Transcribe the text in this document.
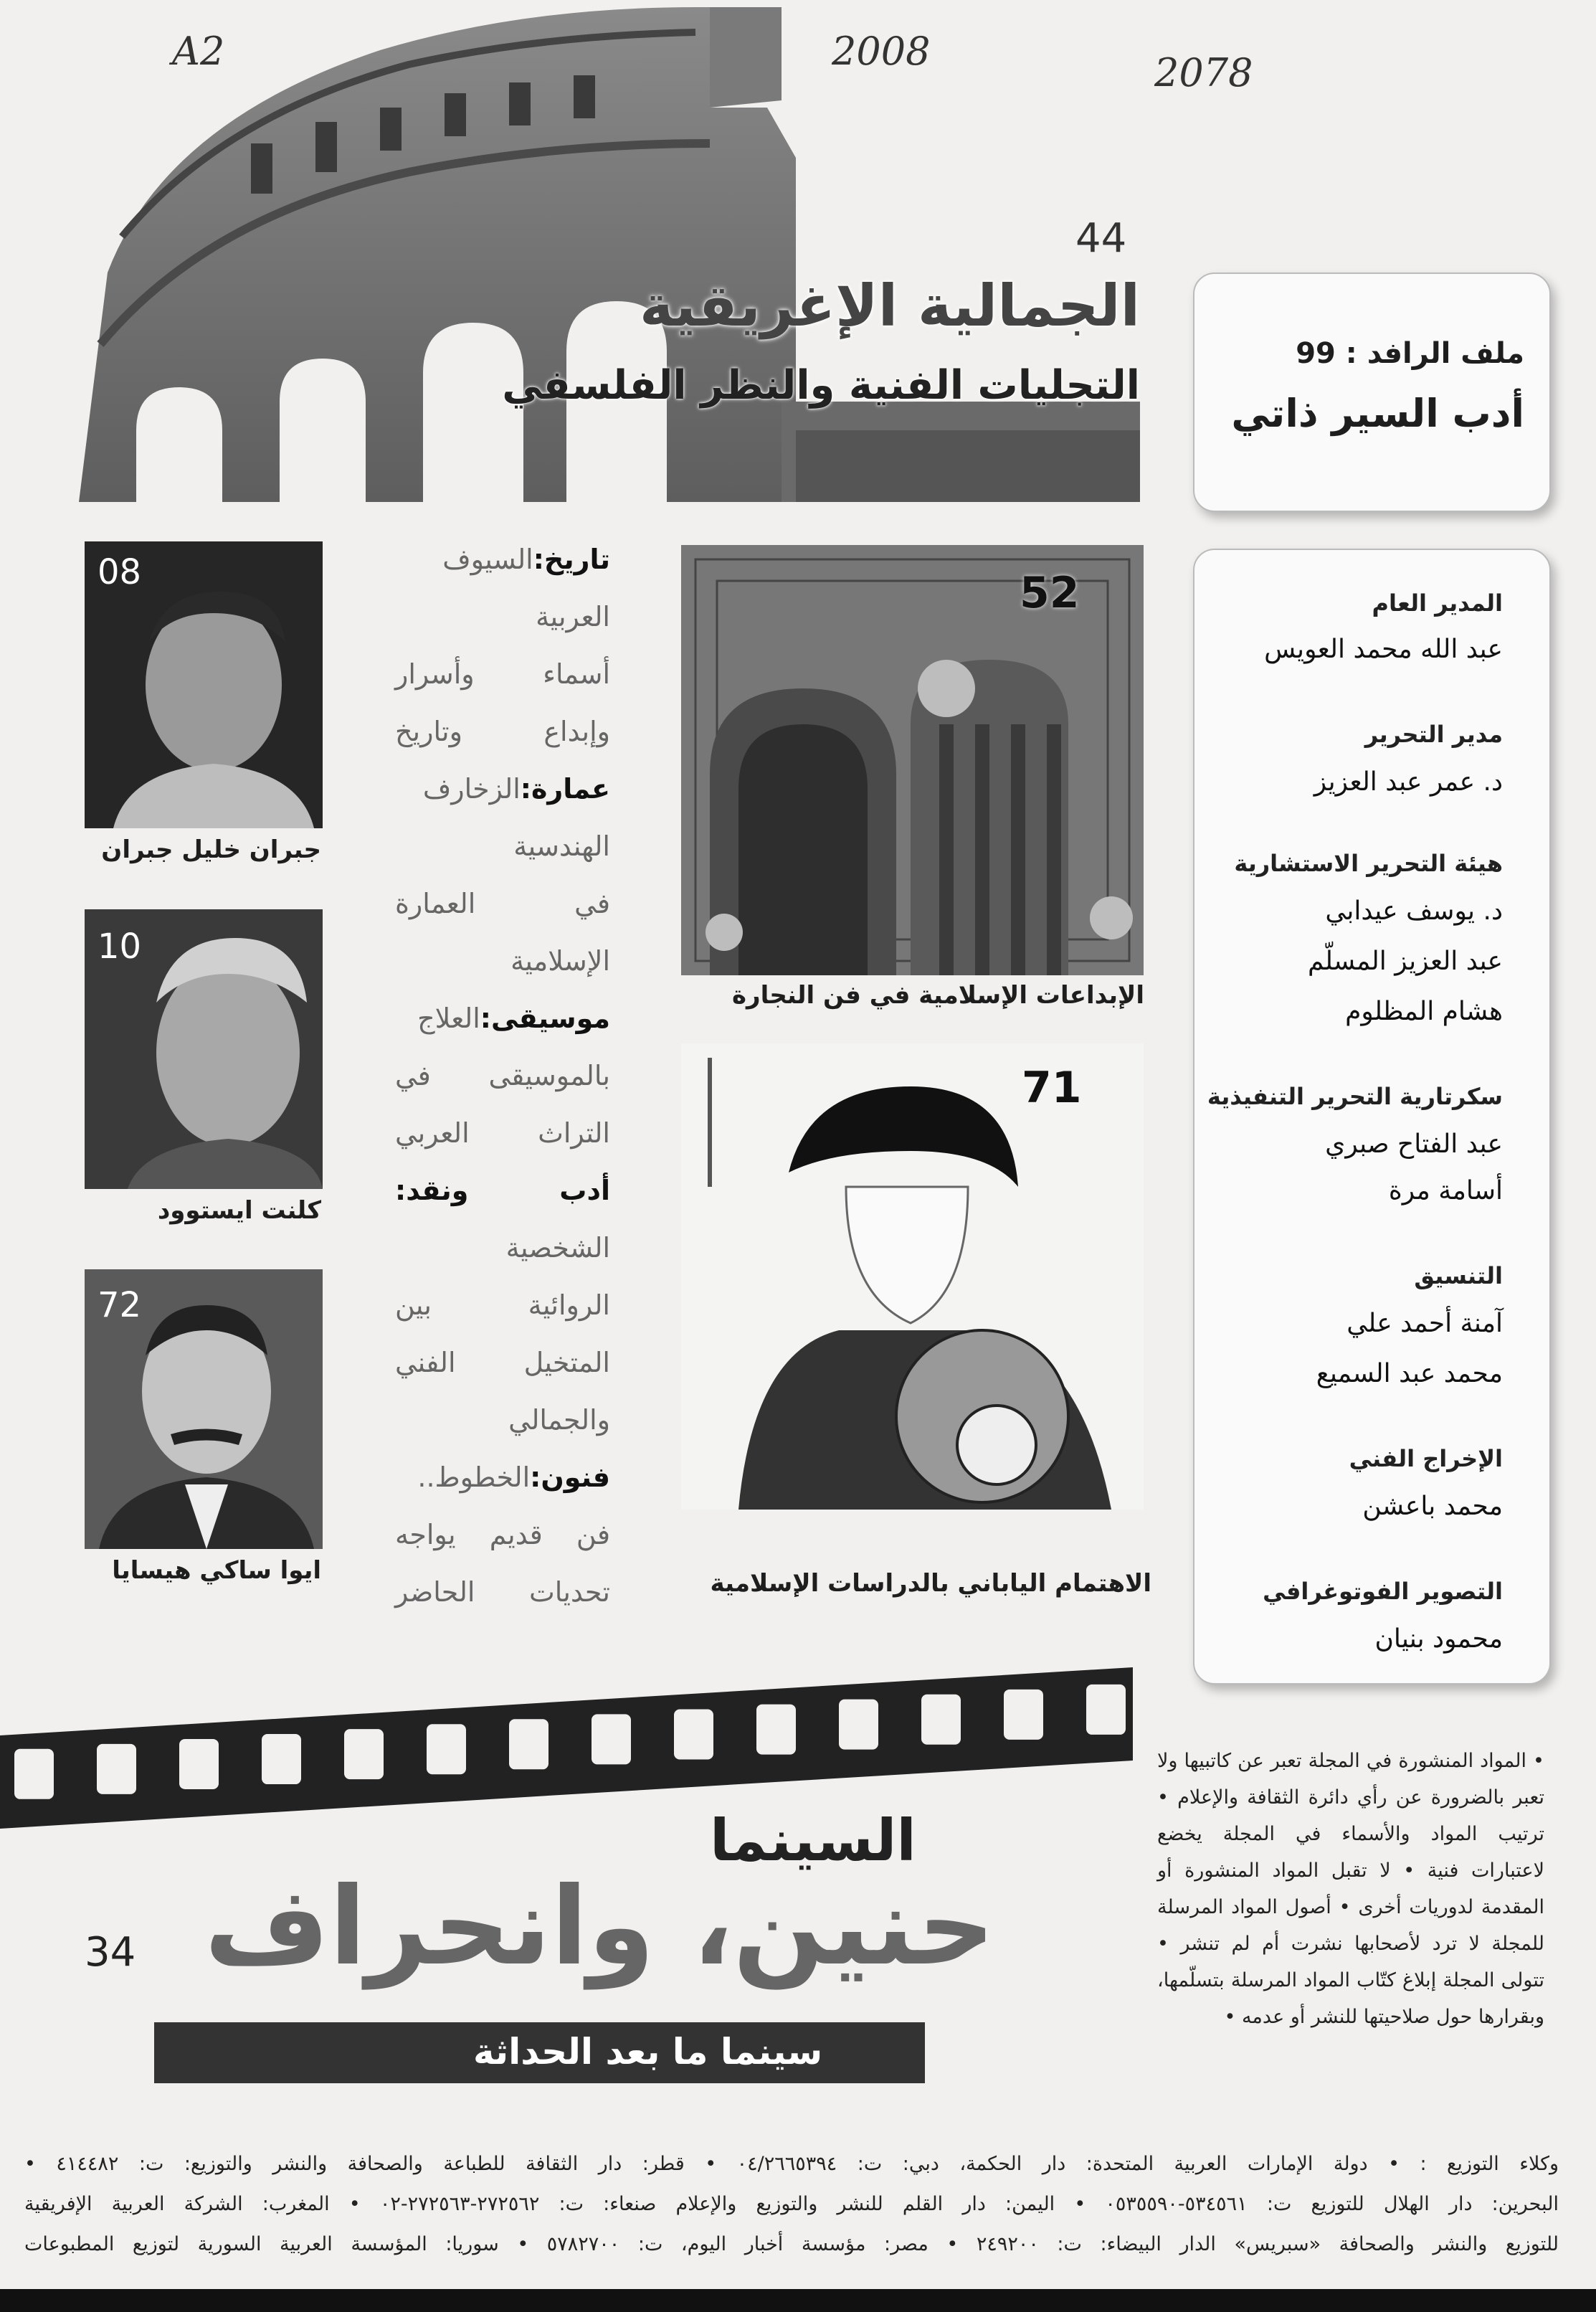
A2	2008	2078
44
الجمالية الإغريقية
التجليات الفنية والنظر الفلسفي
ملف الرافد : 99
أدب السير ذاتي
المدير العام
عبد الله محمد العويس
مدير التحرير
د. عمر عبد العزيز
هيئة التحرير الاستشارية
د. يوسف عيدابي
عبد العزيز المسلّم
هشام المظلوم
سكرتارية التحرير التنفيذية
عبد الفتاح صبري
أسامة مرة
التنسيق
آمنة أحمد علي
محمد عبد السميع
الإخراج الفني
محمد باعشن
التصوير الفوتوغرافي
محمود بنيان
• المواد المنشورة في المجلة تعبر عن كاتبيها ولا تعبر بالضرورة عن رأي دائرة الثقافة والإعلام • ترتيب المواد والأسماء في المجلة يخضع لاعتبارات فنية • لا تقبل المواد المنشورة أو المقدمة لدوريات أخرى • أصول المواد المرسلة للمجلة لا ترد لأصحابها نشرت أم لم تنشر • تتولى المجلة إبلاغ كتّاب المواد المرسلة بتسلّمها، وبقرارها حول صلاحيتها للنشر أو عدمه •
52
الإبداعات الإسلامية في فن النجارة
71
الاهتمام الياباني بالدراسات الإسلامية
08
جبران خليل جبران
10
كلنت ايستوود
72
ايوا ساكي هيسايا
تاريخ:السيوف
العربية
أسماء وأسرار
وإبداع وتاريخ
عمارة:الزخارف
الهندسية
في العمارة
الإسلامية
موسيقى:العلاج
بالموسيقى في
التراث العربي
أدب ونقد:
الشخصية
الروائية بين
المتخيل الفني
والجمالي
فنون:الخطوط..
فن قديم يواجه
تحديات الحاضر
السينما
حنين، وانحراف
34
سينما ما بعد الحداثة
وكلاء التوزيع : • دولة الإمارات العربية المتحدة: دار الحكمة، دبي: ت: ٠٤/٢٦٦٥٣٩٤ • قطر: دار الثقافة للطباعة والصحافة والنشر والتوزيع: ت: ٤١٤٤٨٢ •
البحرين: دار الهلال للتوزيع ت: ٥٣٤٥٦١-٠٥٣٥٥٩٠ • اليمن: دار القلم للنشر والتوزيع والإعلام صنعاء: ت: ٢٧٢٥٦٢-٢٧٢٥٦٣-٠٢ • المغرب: الشركة العربية الإفريقية
للتوزيع والنشر والصحافة «سبريس» الدار البيضاء: ت: ٢٤٩٢٠٠ • مصر: مؤسسة أخبار اليوم، ت: ٥٧٨٢٧٠٠ • سوريا: المؤسسة العربية السورية لتوزيع المطبوعات
